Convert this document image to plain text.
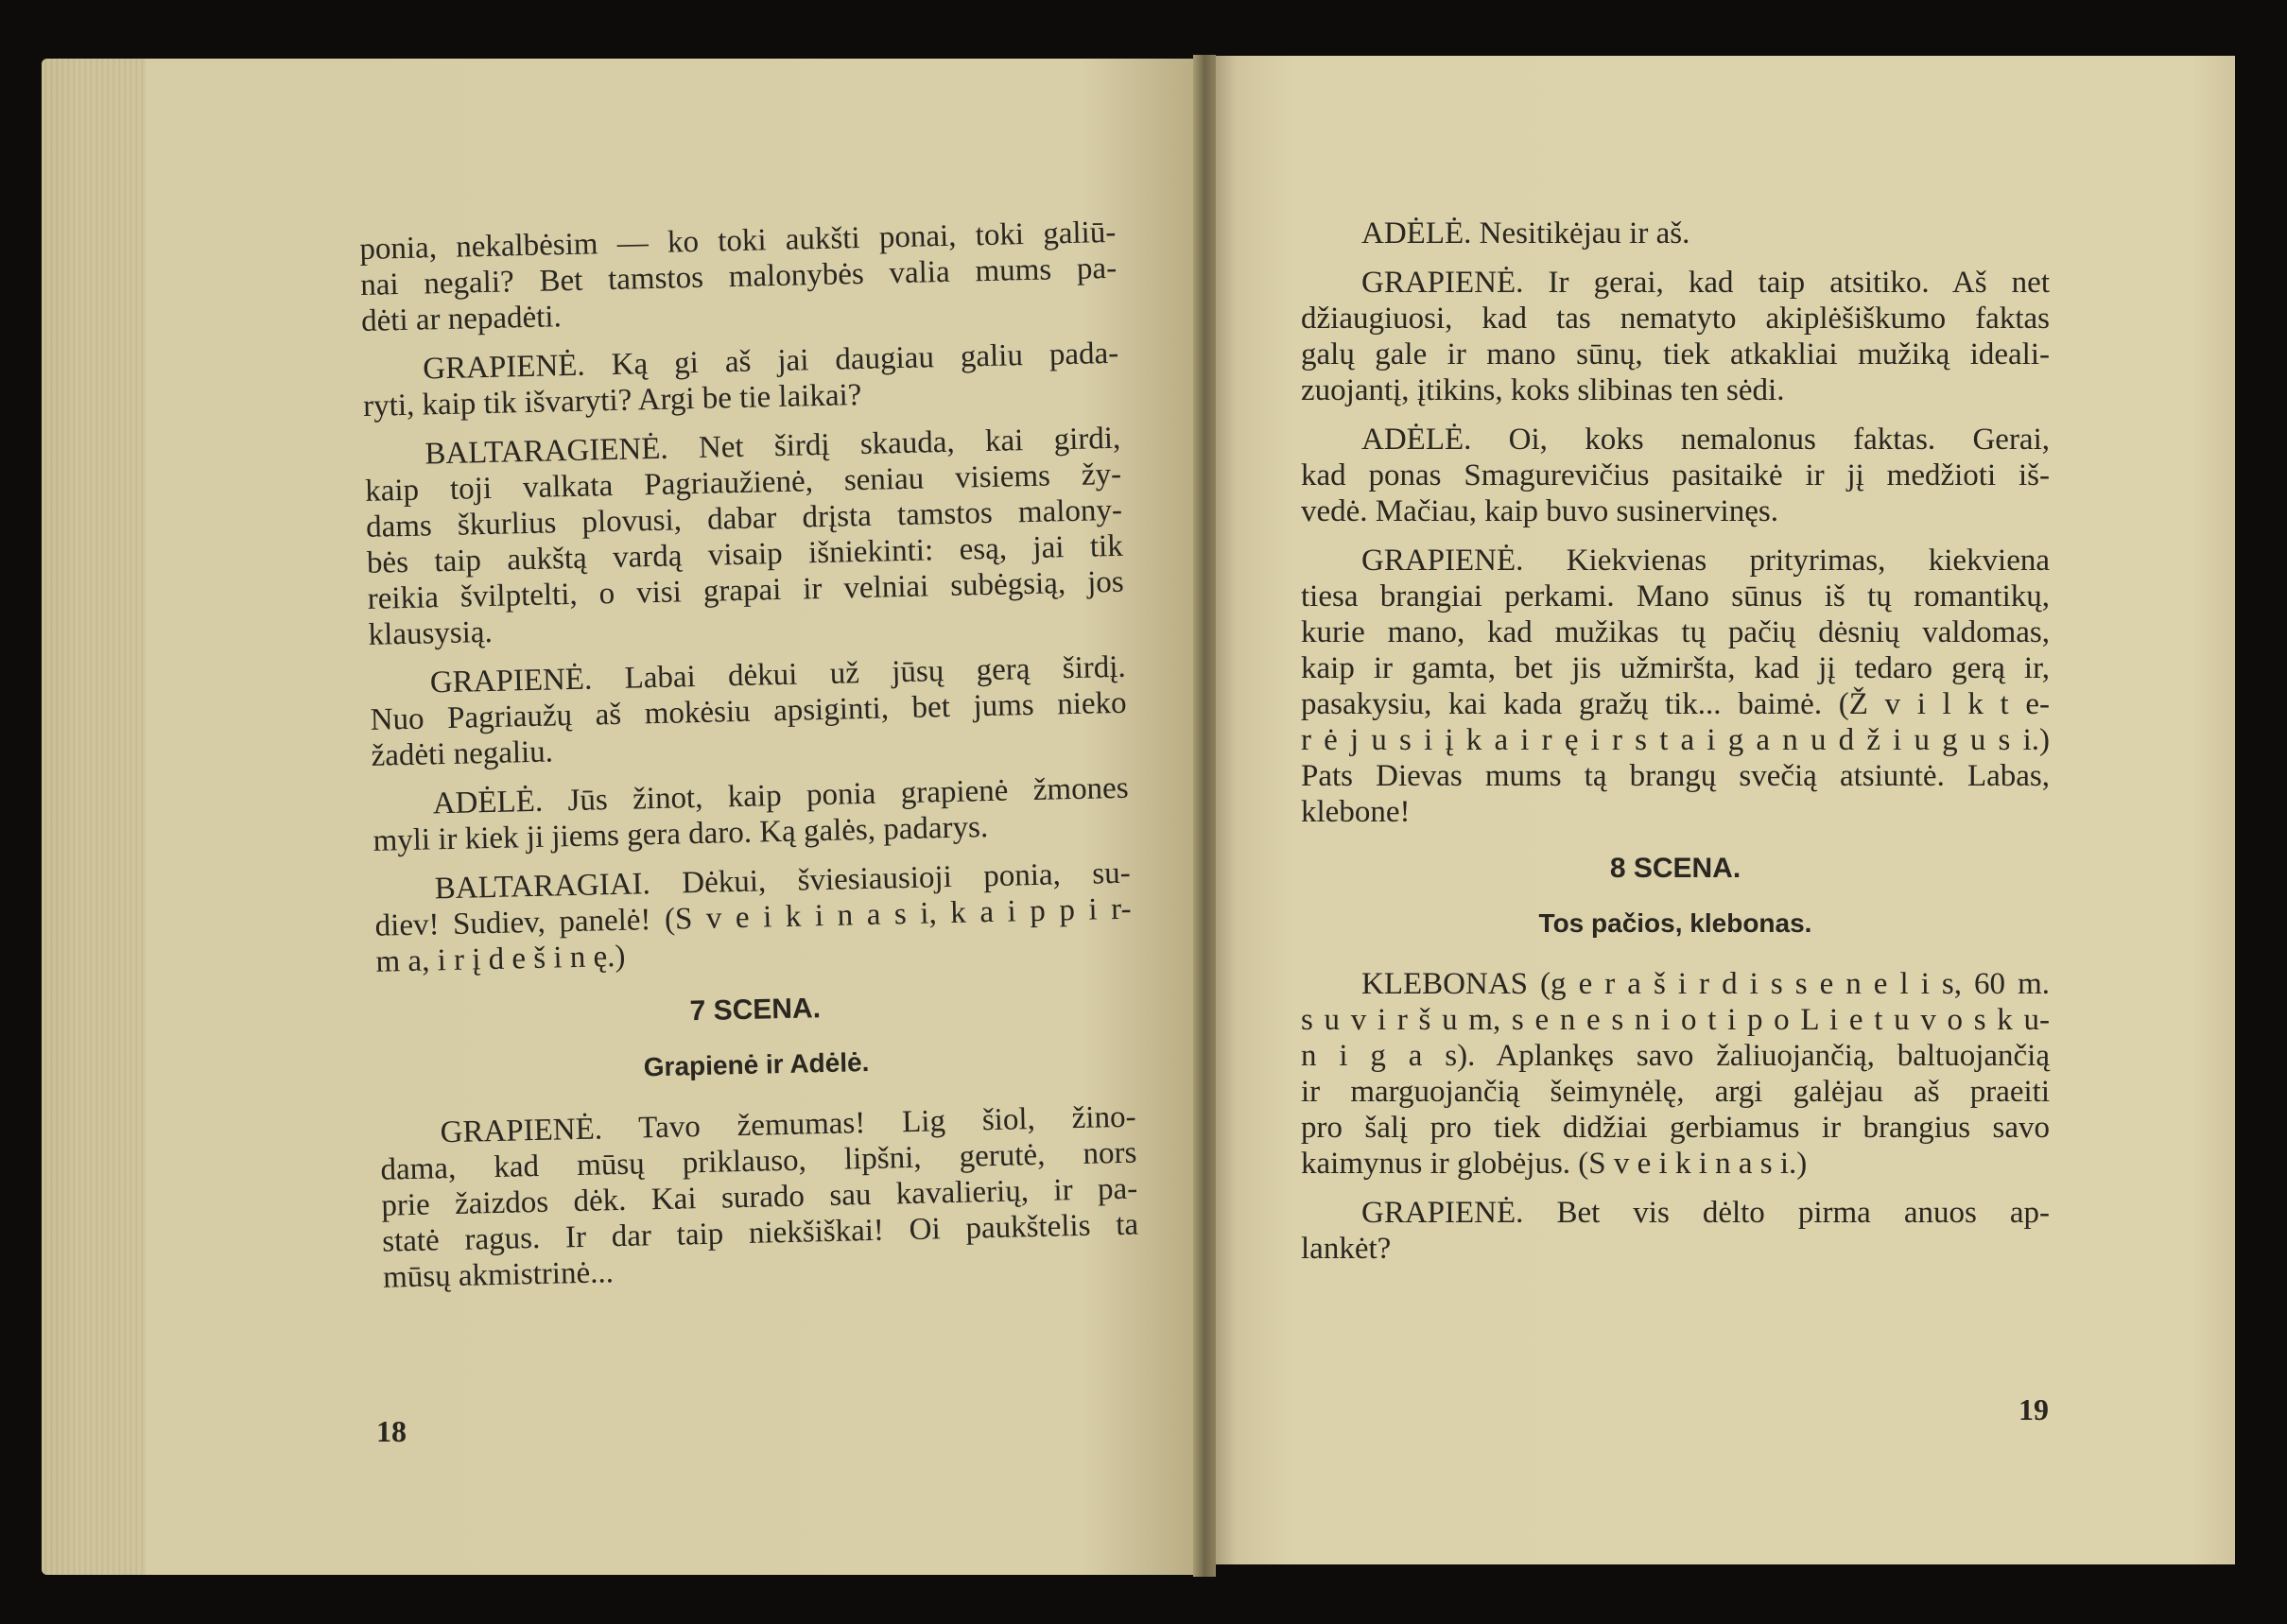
ponia, nekalbėsim — ko toki aukšti ponai, toki galiū-
nai negali? Bet tamstos malonybės valia mums pa-
dėti ar nepadėti.
GRAPIENĖ. Ką gi aš jai daugiau galiu pada-
ryti, kaip tik išvaryti? Argi be tie laikai?
BALTARAGIENĖ. Net širdį skauda, kai girdi,
kaip toji valkata Pagriaužienė, seniau visiems žy-
dams škurlius plovusi, dabar drįsta tamstos malony-
bės taip aukštą vardą visaip išniekinti: esą, jai tik
reikia švilptelti, o visi grapai ir velniai subėgsią, jos
klausysią.
GRAPIENĖ. Labai dėkui už jūsų gerą širdį.
Nuo Pagriaužų aš mokėsiu apsiginti, bet jums nieko
žadėti negaliu.
ADĖLĖ. Jūs žinot, kaip ponia grapienė žmones
myli ir kiek ji jiems gera daro. Ką galės, padarys.
BALTARAGIAI. Dėkui, šviesiausioji ponia, su-
diev! Sudiev, panelė! (S v e i k i n a s i, k a i p p i r-
m a, i r į d e š i n ę.)
7 SCENA.
Grapienė ir Adėlė.
GRAPIENĖ. Tavo žemumas! Lig šiol, žino-
dama, kad mūsų priklauso, lipšni, gerutė, nors
prie žaizdos dėk. Kai surado sau kavalierių, ir pa-
statė ragus. Ir dar taip niekšiškai! Oi paukštelis ta
mūsų akmistrinė...
ADĖLĖ. Nesitikėjau ir aš.
GRAPIENĖ. Ir gerai, kad taip atsitiko. Aš net
džiaugiuosi, kad tas nematyto akiplėšiškumo faktas
galų gale ir mano sūnų, tiek atkakliai mužiką ideali-
zuojantį, įtikins, koks slibinas ten sėdi.
ADĖLĖ. Oi, koks nemalonus faktas. Gerai,
kad ponas Smagurevičius pasitaikė ir jį medžioti iš-
vedė. Mačiau, kaip buvo susinervinęs.
GRAPIENĖ. Kiekvienas prityrimas, kiekviena
tiesa brangiai perkami. Mano sūnus iš tų romantikų,
kurie mano, kad mužikas tų pačių dėsnių valdomas,
kaip ir gamta, bet jis užmiršta, kad jį tedaro gerą ir,
pasakysiu, kai kada gražų tik... baimė. (Ž v i l k t e-
r ė j u s i į k a i r ę i r s t a i g a n u d ž i u g u s i.)
Pats Dievas mums tą brangų svečią atsiuntė. Labas,
klebone!
8 SCENA.
Tos pačios, klebonas.
KLEBONAS (g e r a š i r d i s s e n e l i s, 60 m.
s u v i r š u m, s e n e s n i o t i p o L i e t u v o s k u-
n i g a s). Aplankęs savo žaliuojančią, baltuojančią
ir marguojančią šeimynėlę, argi galėjau aš praeiti
pro šalį pro tiek didžiai gerbiamus ir brangius savo
kaimynus ir globėjus. (S v e i k i n a s i.)
GRAPIENĖ. Bet vis dėlto pirma anuos ap-
lankėt?
18
19
